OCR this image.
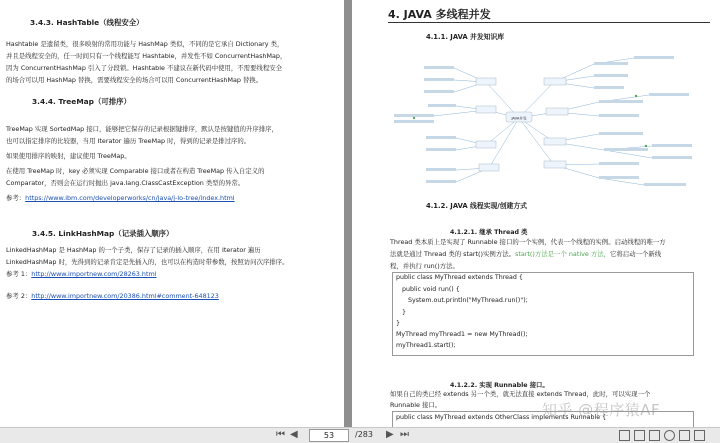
3.4.3. HashTable（线程安全）
Hashtable 是遗留类，很多映射的常用功能与 HashMap 类似，不同的是它承自 Dictionary 类，
并且是线程安全的，任一时间只有一个线程能写 Hashtable，并发性不如 ConcurrentHashMap，
因为 ConcurrentHashMap 引入了分段锁。Hashtable 不建议在新代码中使用，不需要线程安全
的场合可以用 HashMap 替换，需要线程安全的场合可以用 ConcurrentHashMap 替换。
3.4.4. TreeMap（可排序）
TreeMap 实现 SortedMap 接口，能够把它保存的记录根据键排序，默认是按键值的升序排序，
也可以指定排序的比较器，当用 Iterator 遍历 TreeMap 时，得到的记录是排过序的。
如果使用排序的映射，建议使用 TreeMap。
在使用 TreeMap 时，key 必须实现 Comparable 接口或者在构造 TreeMap 传入自定义的
Comparator，否则会在运行时抛出 java.lang.ClassCastException 类型的异常。
参考：https://www.ibm.com/developerworks/cn/java/j-lo-tree/index.html
3.4.5. LinkHashMap（记录插入顺序）
LinkedHashMap 是 HashMap 的一个子类，保存了记录的插入顺序，在用 Iterator 遍历
LinkedHashMap 时，先得到的记录肯定是先插入的，也可以在构造时带参数，按照访问次序排序。
参考 1：http://www.importnew.com/28263.html
参考 2：http://www.importnew.com/20386.html#comment-648123
4. JAVA 多线程并发
4.1.1. JAVA 并发知识库
JAVA并发
4.1.2. JAVA 线程实现/创建方式
4.1.2.1. 继承 Thread 类
Thread 类本质上是实现了 Runnable 接口的一个实例，代表一个线程的实例。启动线程的唯一方
法就是通过 Thread 类的 start()实例方法。start()方法是一个 native 方法，它将启动一个新线
程，并执行 run()方法。
public class MyThread extends Thread {
public void run() {
System.out.println("MyThread.run()");
}
}
MyThread myThread1 = new MyThread();
myThread1.start();
4.1.2.2. 实现 Runnable 接口。
如果自己的类已经 extends 另一个类，就无法直接 extends Thread，此时，可以实现一个
Runnable 接口。
public class MyThread extends OtherClass implements Runnable {
知乎 @程序猿AF
⏮ ◀	53	/283 ▶ ⏭
